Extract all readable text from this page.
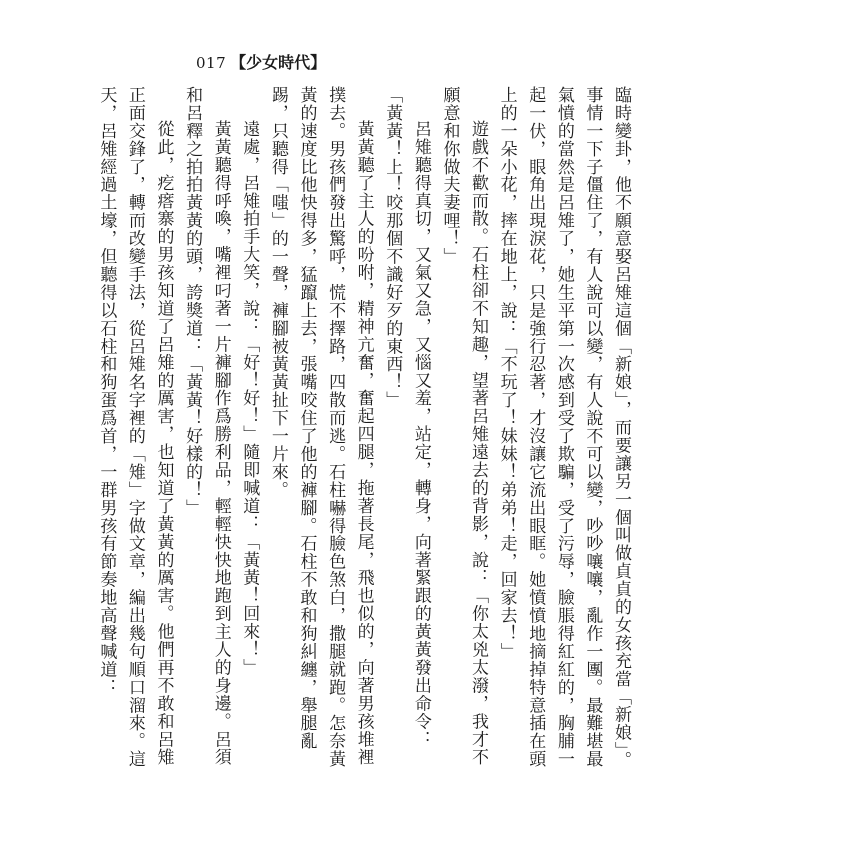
017 【少女時代】

臨時變卦，他不願意娶呂雉這個「新娘」，而要讓另一個叫做貞貞的女孩充當「新娘」。事情一下子僵住了，有人說可以變，有人說不可以變，吵吵嚷嚷，亂作一團。最難堪最氣憤的當然是呂雉了，她生平第一次感到受了欺騙，受了污辱，臉脹得紅紅的，胸脯一起一伏，眼角出現淚花，只是強行忍著，才沒讓它流出眼眶。她憤憤地摘掉特意插在頭上的一朵小花，摔在地上，說：「不玩了！妹妹！弟弟！走，回家去！」

遊戲不歡而散。石柱卻不知趣，望著呂雉遠去的背影，說：「你太兇太潑，我才不願意和你做夫妻哩！」

呂雉聽得真切，又氣又急，又惱又羞，站定，轉身，向著緊跟的黃黃發出命令：「黃黃！上！咬那個不識好歹的東西！」

黃黃聽了主人的吩咐，精神亢奮，奮起四腿，拖著長尾，飛也似的，向著男孩堆裡撲去。男孩們發出驚呼，慌不擇路，四散而逃。石柱嚇得臉色煞白，撒腿就跑。怎奈黃黃的速度比他快得多，猛躥上去，張嘴咬住了他的褲腳。石柱不敢和狗糾纏，舉腿亂踢，只聽得「嗤」的一聲，褲腳被黃黃扯下一片來。

遠處，呂雉拍手大笑，說：「好！好！」隨即喊道：「黃黃！回來！」

黃黃聽得呼喚，嘴裡叼著一片褲腳作爲勝利品，輕輕快快地跑到主人的身邊。呂須和呂釋之拍拍黃黃的頭，誇獎道：「黃黃！好樣的！」

從此，疙瘩寨的男孩知道了呂雉的厲害，也知道了黃黃的厲害。他們再不敢和呂雉正面交鋒了，轉而改變手法，從呂雉名字裡的「雉」字做文章，編出幾句順口溜來。這天，呂雉經過土壕，但聽得以石柱和狗蛋爲首，一群男孩有節奏地高聲喊道：
